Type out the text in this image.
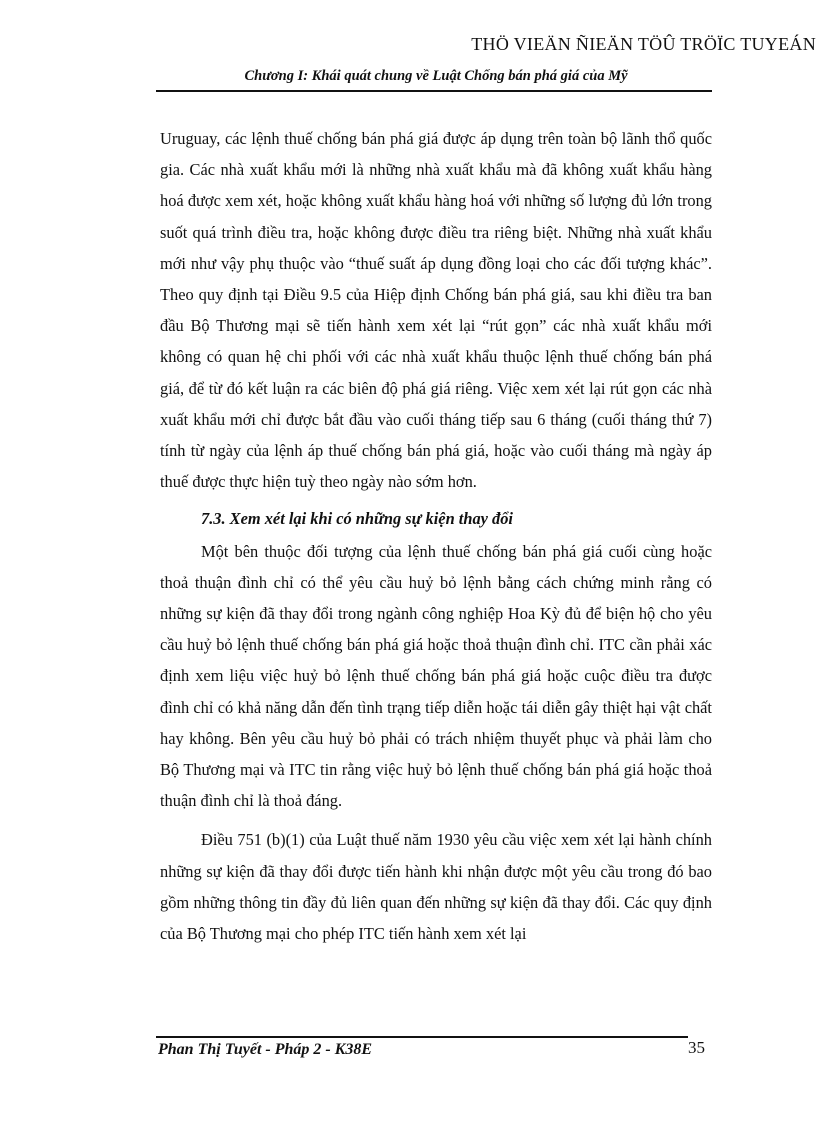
THÖ VIEÄN ÑIEÄN TÖÛ TRÖÏC TUYEÁN
Chương I: Khái quát chung về Luật Chống bán phá giá của Mỹ

Uruguay, các lệnh thuế chống bán phá giá được áp dụng trên toàn bộ lãnh thổ quốc gia. Các nhà xuất khẩu mới là những nhà xuất khẩu mà đã không xuất khẩu hàng hoá được xem xét, hoặc không xuất khẩu hàng hoá với những số lượng đủ lớn trong suốt quá trình điều tra, hoặc không được điều tra riêng biệt. Những nhà xuất khẩu mới như vậy phụ thuộc vào “thuế suất áp dụng đồng loại cho các đối tượng khác”. Theo quy định tại Điều 9.5 của Hiệp định Chống bán phá giá, sau khi điều tra ban đầu Bộ Thương mại sẽ tiến hành xem xét lại “rút gọn” các nhà xuất khẩu mới không có quan hệ chi phối với các nhà xuất khẩu thuộc lệnh thuế chống bán phá giá, để từ đó kết luận ra các biên độ phá giá riêng. Việc xem xét lại rút gọn các nhà xuất khẩu mới chỉ được bắt đầu vào cuối tháng tiếp sau 6 tháng (cuối tháng thứ 7) tính từ ngày của lệnh áp thuế chống bán phá giá, hoặc vào cuối tháng mà ngày áp thuế được thực hiện tuỳ theo ngày nào sớm hơn.

7.3. Xem xét lại khi có những sự kiện thay đổi

Một bên thuộc đối tượng của lệnh thuế chống bán phá giá cuối cùng hoặc thoả thuận đình chỉ có thể yêu cầu huỷ bỏ lệnh bằng cách chứng minh rằng có những sự kiện đã thay đổi trong ngành công nghiệp Hoa Kỳ đủ để biện hộ cho yêu cầu huỷ bỏ lệnh thuế chống bán phá giá hoặc thoả thuận đình chỉ. ITC cần phải xác định xem liệu việc huỷ bỏ lệnh thuế chống bán phá giá hoặc cuộc điều tra được đình chỉ có khả năng dẫn đến tình trạng tiếp diễn hoặc tái diễn gây thiệt hại vật chất hay không. Bên yêu cầu huỷ bỏ phải có trách nhiệm thuyết phục và phải làm cho Bộ Thương mại và ITC tin rằng việc huỷ bỏ lệnh thuế chống bán phá giá hoặc thoả thuận đình chỉ là thoả đáng.

Điều 751 (b)(1) của Luật thuế năm 1930 yêu cầu việc xem xét lại hành chính những sự kiện đã thay đổi được tiến hành khi nhận được một yêu cầu trong đó bao gồm những thông tin đầy đủ liên quan đến những sự kiện đã thay đổi. Các quy định của Bộ Thương mại cho phép ITC tiến hành xem xét lại

Phan Thị Tuyết - Pháp 2 - K38E	35
